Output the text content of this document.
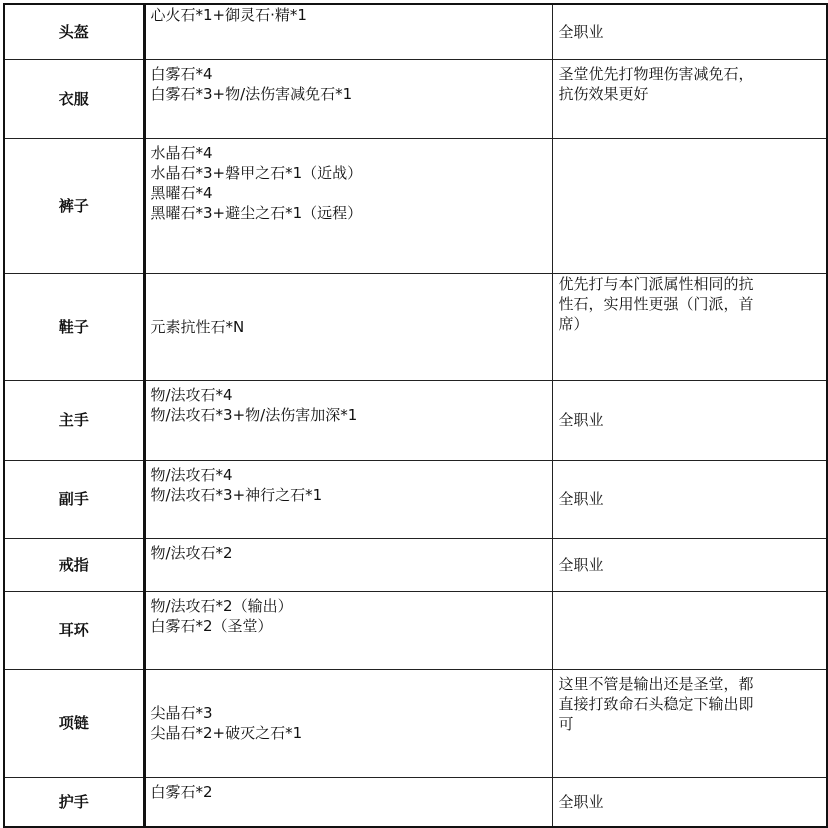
头盔	心火石*1+御灵石·精*1	全职业

衣服	白雾石*4
白雾石*3+物/法伤害减免石*1	圣堂优先打物理伤害减免石，
抗伤效果更好

裤子	水晶石*4
水晶石*3+磐甲之石*1（近战）
黑曜石*4
黑曜石*3+避尘之石*1（远程）	

鞋子	元素抗性石*N	优先打与本门派属性相同的抗
性石，实用性更强（门派，首
席）

主手	物/法攻石*4
物/法攻石*3+物/法伤害加深*1	全职业

副手	物/法攻石*4
物/法攻石*3+神行之石*1	全职业

戒指	物/法攻石*2	全职业

耳环	物/法攻石*2（输出）
白雾石*2（圣堂）	

项链	尖晶石*3
尖晶石*2+破灭之石*1	这里不管是输出还是圣堂，都
直接打致命石头稳定下输出即
可

护手	白雾石*2	全职业
